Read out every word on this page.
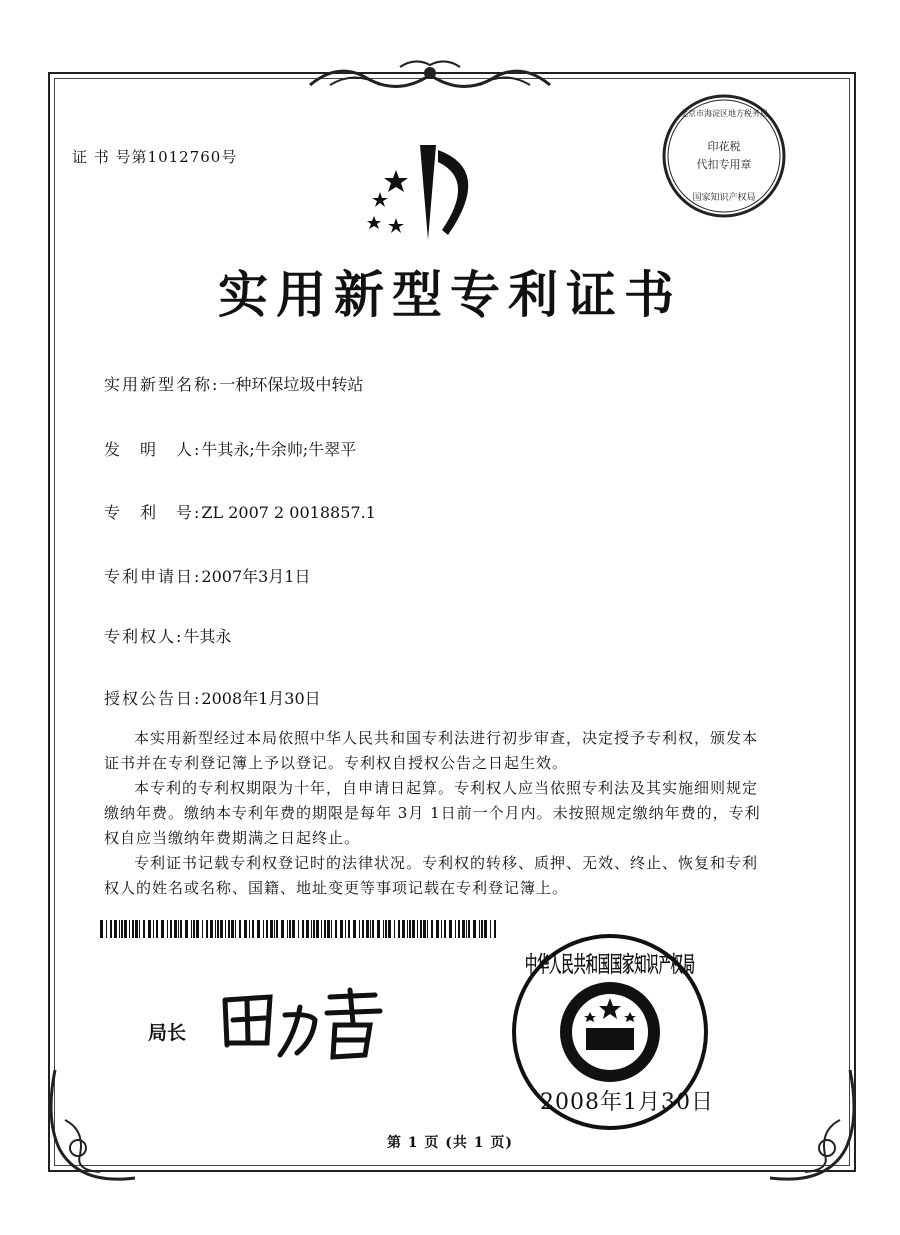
证 书 号第1012760号
实用新型专利证书
实用新型名称:一种环保垃圾中转站
发　明　人:牛其永;牛余帅;牛翠平
专　利　号:ZL 2007 2 0018857.1
专利申请日:2007年3月1日
专利权人:牛其永
授权公告日:2008年1月30日
本实用新型经过本局依照中华人民共和国专利法进行初步审查，决定授予专利权，颁发本证书并在专利登记簿上予以登记。专利权自授权公告之日起生效。
本专利的专利权期限为十年，自申请日起算。专利权人应当依照专利法及其实施细则规定缴纳年费。缴纳本专利年费的期限是每年 3月 1日前一个月内。未按照规定缴纳年费的，专利权自应当缴纳年费期满之日起终止。
专利证书记载专利权登记时的法律状况。专利权的转移、质押、无效、终止、恢复和专利权人的姓名或名称、国籍、地址变更等事项记载在专利登记簿上。
局长
印花税
代扣专用章
国家知识产权局
北京市海淀区地方税务局
中华人民共和国国家知识产权局
2008年1月30日
第 1 页 (共 1 页)
